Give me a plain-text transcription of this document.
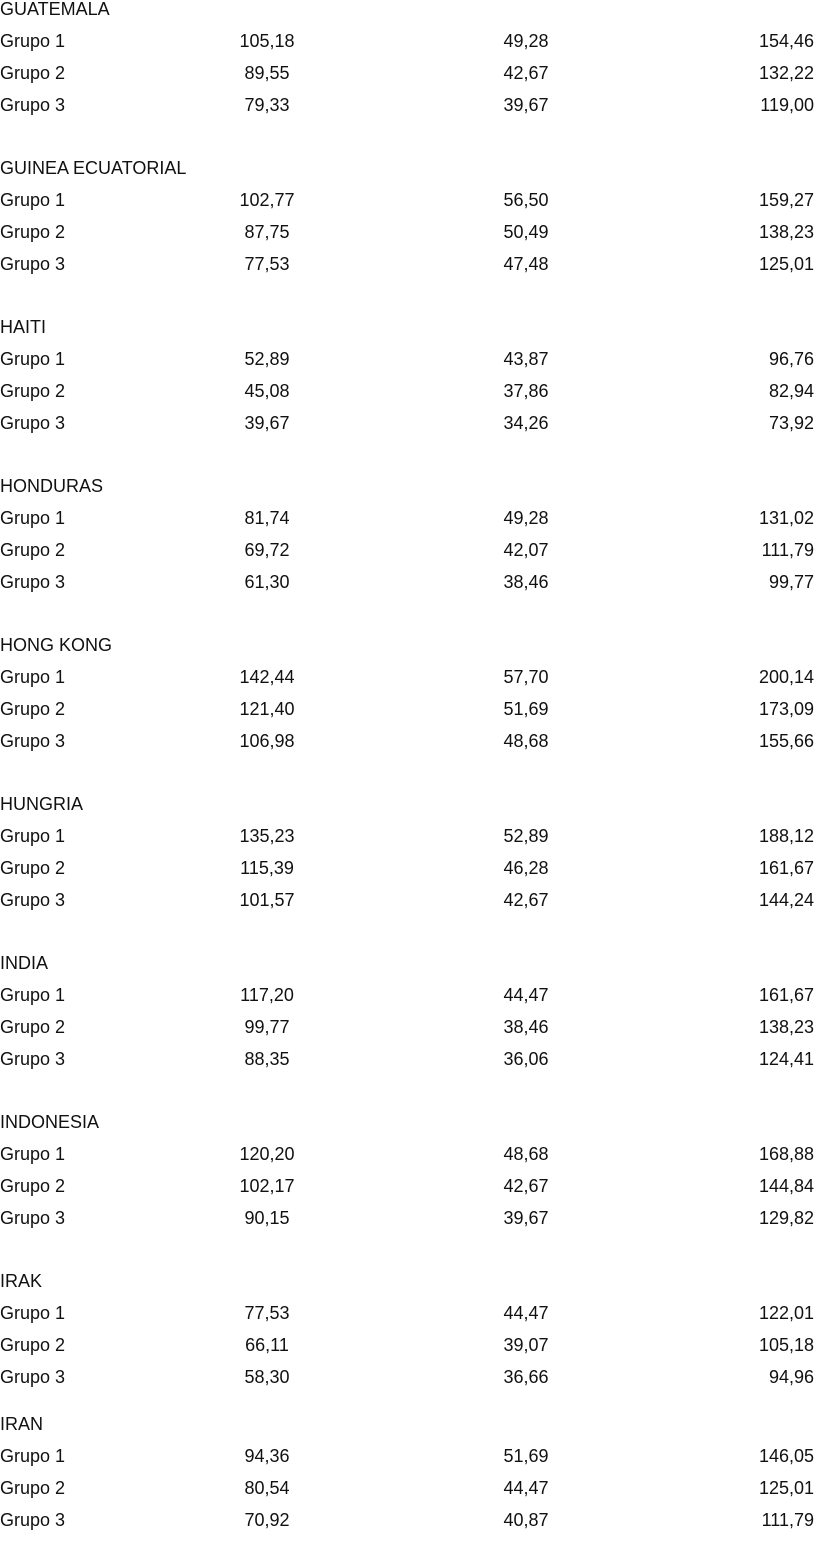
GUATEMALA
Grupo 1	105,18	49,28	154,46
Grupo 2	89,55	42,67	132,22
Grupo 3	79,33	39,67	119,00
GUINEA ECUATORIAL
Grupo 1	102,77	56,50	159,27
Grupo 2	87,75	50,49	138,23
Grupo 3	77,53	47,48	125,01
HAITI
Grupo 1	52,89	43,87	96,76
Grupo 2	45,08	37,86	82,94
Grupo 3	39,67	34,26	73,92
HONDURAS
Grupo 1	81,74	49,28	131,02
Grupo 2	69,72	42,07	111,79
Grupo 3	61,30	38,46	99,77
HONG KONG
Grupo 1	142,44	57,70	200,14
Grupo 2	121,40	51,69	173,09
Grupo 3	106,98	48,68	155,66
HUNGRIA
Grupo 1	135,23	52,89	188,12
Grupo 2	115,39	46,28	161,67
Grupo 3	101,57	42,67	144,24
INDIA
Grupo 1	117,20	44,47	161,67
Grupo 2	99,77	38,46	138,23
Grupo 3	88,35	36,06	124,41
INDONESIA
Grupo 1	120,20	48,68	168,88
Grupo 2	102,17	42,67	144,84
Grupo 3	90,15	39,67	129,82
IRAK
Grupo 1	77,53	44,47	122,01
Grupo 2	66,11	39,07	105,18
Grupo 3	58,30	36,66	94,96
IRAN
Grupo 1	94,36	51,69	146,05
Grupo 2	80,54	44,47	125,01
Grupo 3	70,92	40,87	111,79
